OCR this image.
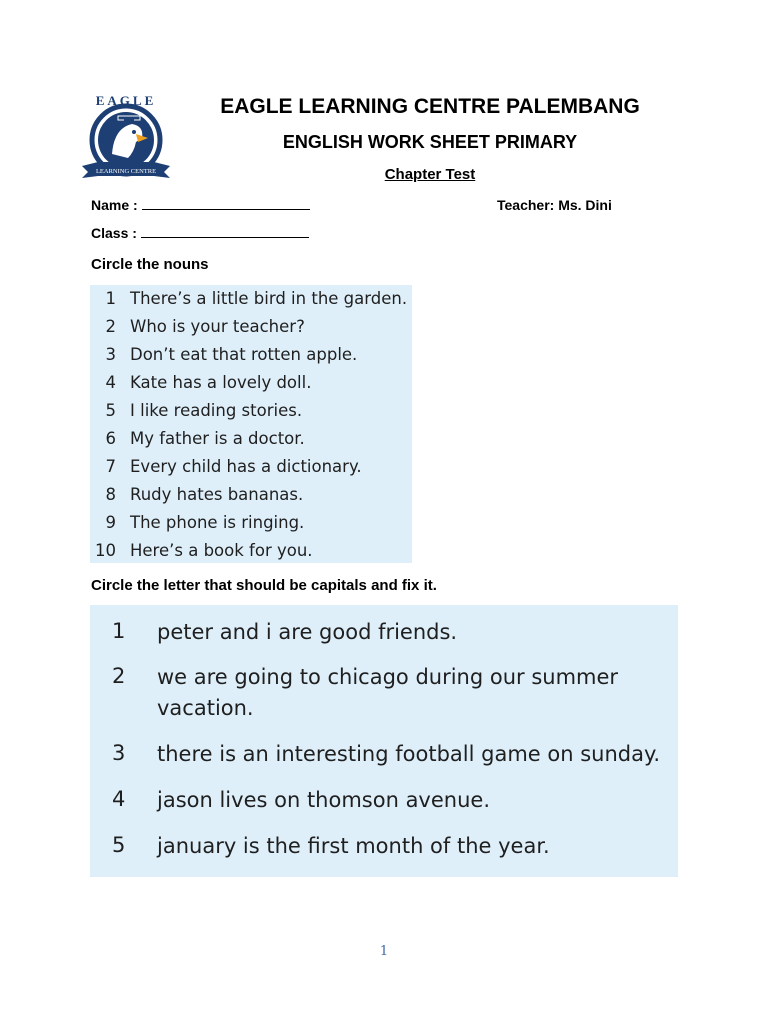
LEARNING CENTRE
EAGLE	EAGLE LEARNING CENTRE PALEMBANG
ENGLISH WORK SHEET PRIMARY
Chapter Test
Name :	Teacher: Ms. Dini
Class :
Circle the nouns
1 There’s a little bird in the garden.
2 Who is your teacher?
3 Don’t eat that rotten apple.
4 Kate has a lovely doll.
5 I like reading stories.
6 My father is a doctor.
7 Every child has a dictionary.
8 Rudy hates bananas.
9 The phone is ringing.
10 Here’s a book for you.
Circle the letter that should be capitals and fix it.
1	peter and i are good friends.
2	we are going to chicago during our summer vacation.
3	there is an interesting football game on sunday.
4	jason lives on thomson avenue.
5	january is the first month of the year.
1
